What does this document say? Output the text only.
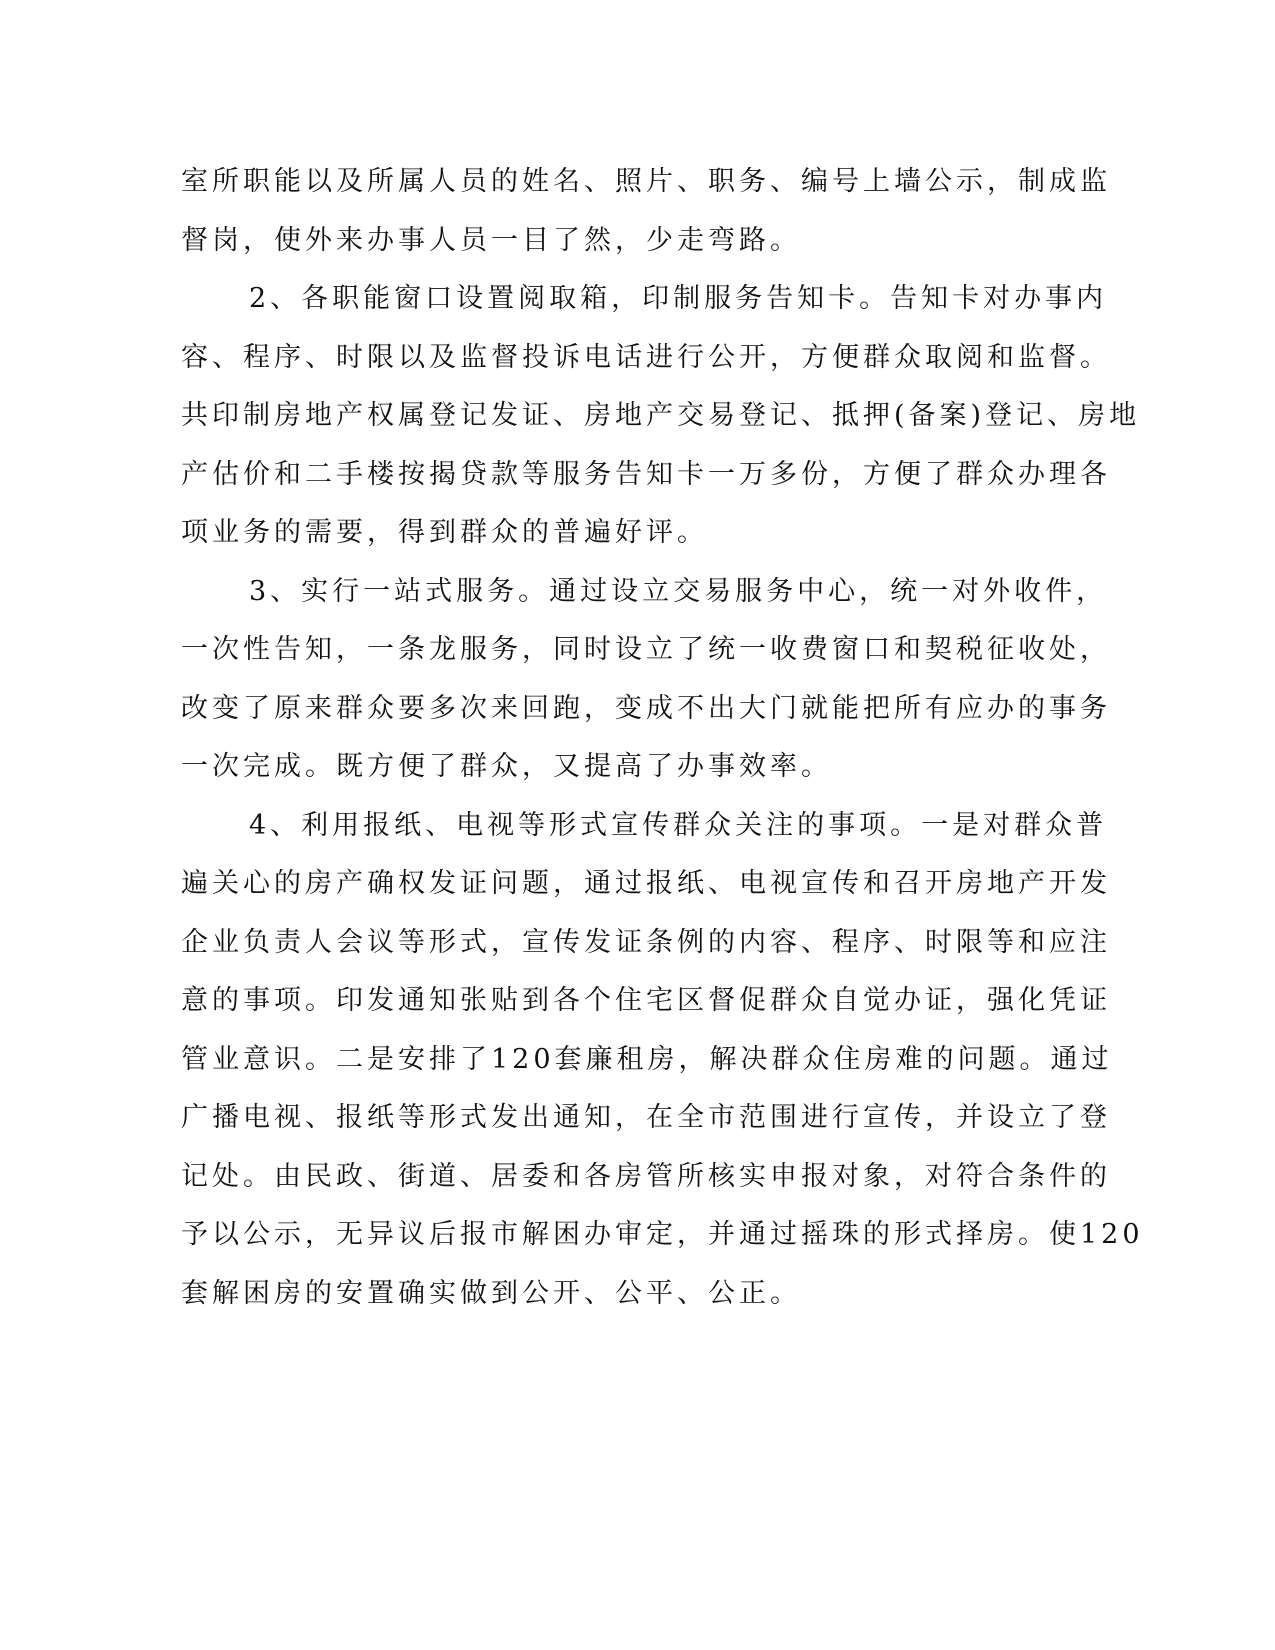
室所职能以及所属人员的姓名、照片、职务、编号上墙公示，制成监
督岗，使外来办事人员一目了然，少走弯路。
2、各职能窗口设置阅取箱，印制服务告知卡。告知卡对办事内
容、程序、时限以及监督投诉电话进行公开，方便群众取阅和监督。
共印制房地产权属登记发证、房地产交易登记、抵押(备案)登记、房地
产估价和二手楼按揭贷款等服务告知卡一万多份，方便了群众办理各
项业务的需要，得到群众的普遍好评。
3、实行一站式服务。通过设立交易服务中心，统一对外收件，
一次性告知，一条龙服务，同时设立了统一收费窗口和契税征收处，
改变了原来群众要多次来回跑，变成不出大门就能把所有应办的事务
一次完成。既方便了群众，又提高了办事效率。
4、利用报纸、电视等形式宣传群众关注的事项。一是对群众普
遍关心的房产确权发证问题，通过报纸、电视宣传和召开房地产开发
企业负责人会议等形式，宣传发证条例的内容、程序、时限等和应注
意的事项。印发通知张贴到各个住宅区督促群众自觉办证，强化凭证
管业意识。二是安排了120套廉租房，解决群众住房难的问题。通过
广播电视、报纸等形式发出通知，在全市范围进行宣传，并设立了登
记处。由民政、街道、居委和各房管所核实申报对象，对符合条件的
予以公示，无异议后报市解困办审定，并通过摇珠的形式择房。使120
套解困房的安置确实做到公开、公平、公正。
